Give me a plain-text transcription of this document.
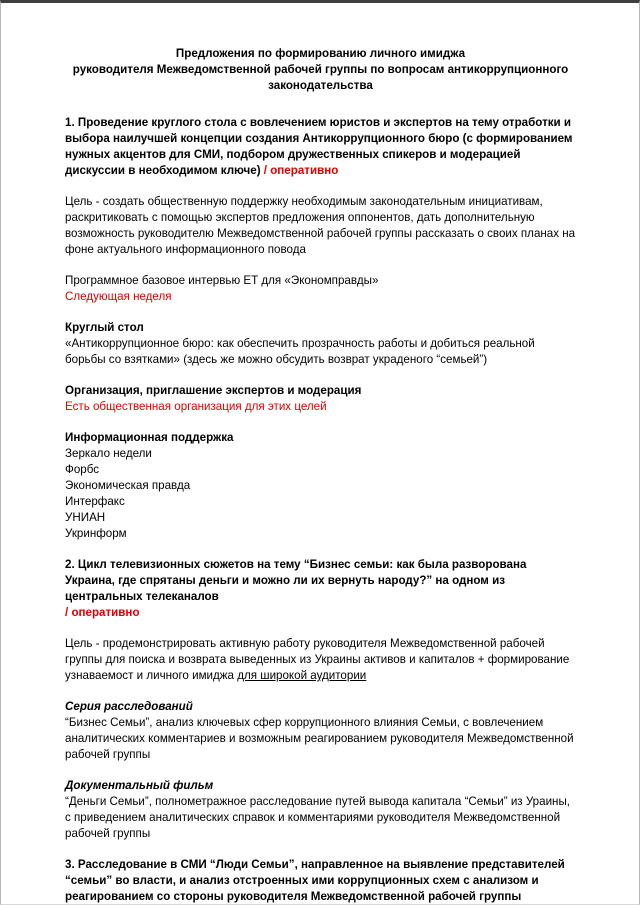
Предложения по формированию личного имиджа
руководителя Межведомственной рабочей группы по вопросам антикоррупционного
законодательства

1. Проведение круглого стола с вовлечением юристов и экспертов на тему отработки и выбора наилучшей концепции создания Антикоррупционного бюро (с формированием нужных акцентов для СМИ, подбором дружественных спикеров и модерацией дискуссии в необходимом ключе) / оперативно

Цель - создать общественную поддержку необходимым законодательным инициативам, раскритиковать с помощью экспертов предложения оппонентов, дать дополнительную возможность руководителю Межведомственной рабочей группы рассказать о своих планах на фоне актуального информационного повода

Программное базовое интервью ЕТ для «Экономправды»
Следующая неделя

Круглый стол
«Антикоррупционное бюро: как обеспечить прозрачность работы и добиться реальной борьбы со взятками» (здесь же можно обсудить возврат украденого “семьей”)

Организация, приглашение экспертов и модерация
Есть общественная организация для этих целей

Информационная поддержка
Зеркало недели
Форбс
Экономическая правда
Интерфакс
УНИАН
Укринформ

2. Цикл телевизионных сюжетов на тему “Бизнес семьи: как была разворована Украина, где спрятаны деньги и можно ли их вернуть народу?” на одном из центральных телеканалов
/ оперативно

Цель - продемонстрировать активную работу руководителя Межведомственной рабочей группы для поиска и возврата выведенных из Украины активов и капиталов + формирование узнаваемост и личного имиджа для широкой аудитории

Серия расследований
“Бизнес Семьи”, анализ ключевых сфер коррупционного влияния Семьи, с вовлечением аналитических комментариев и возможным реагированием руководителя Межведомственной рабочей группы

Документальный фильм
“Деньги Семьи”, полнометражное расследование путей вывода капитала “Семьи” из Ураины, с приведением аналитических справок и комментариями руководителя Межведомственной рабочей группы

3. Расследование в СМИ “Люди Семьи”, направленное на выявление представителей “семьи” во власти, и анализ отстроенных ими коррупционных схем с анализом и реагированием со стороны руководителя Межведомственной рабочей группы
